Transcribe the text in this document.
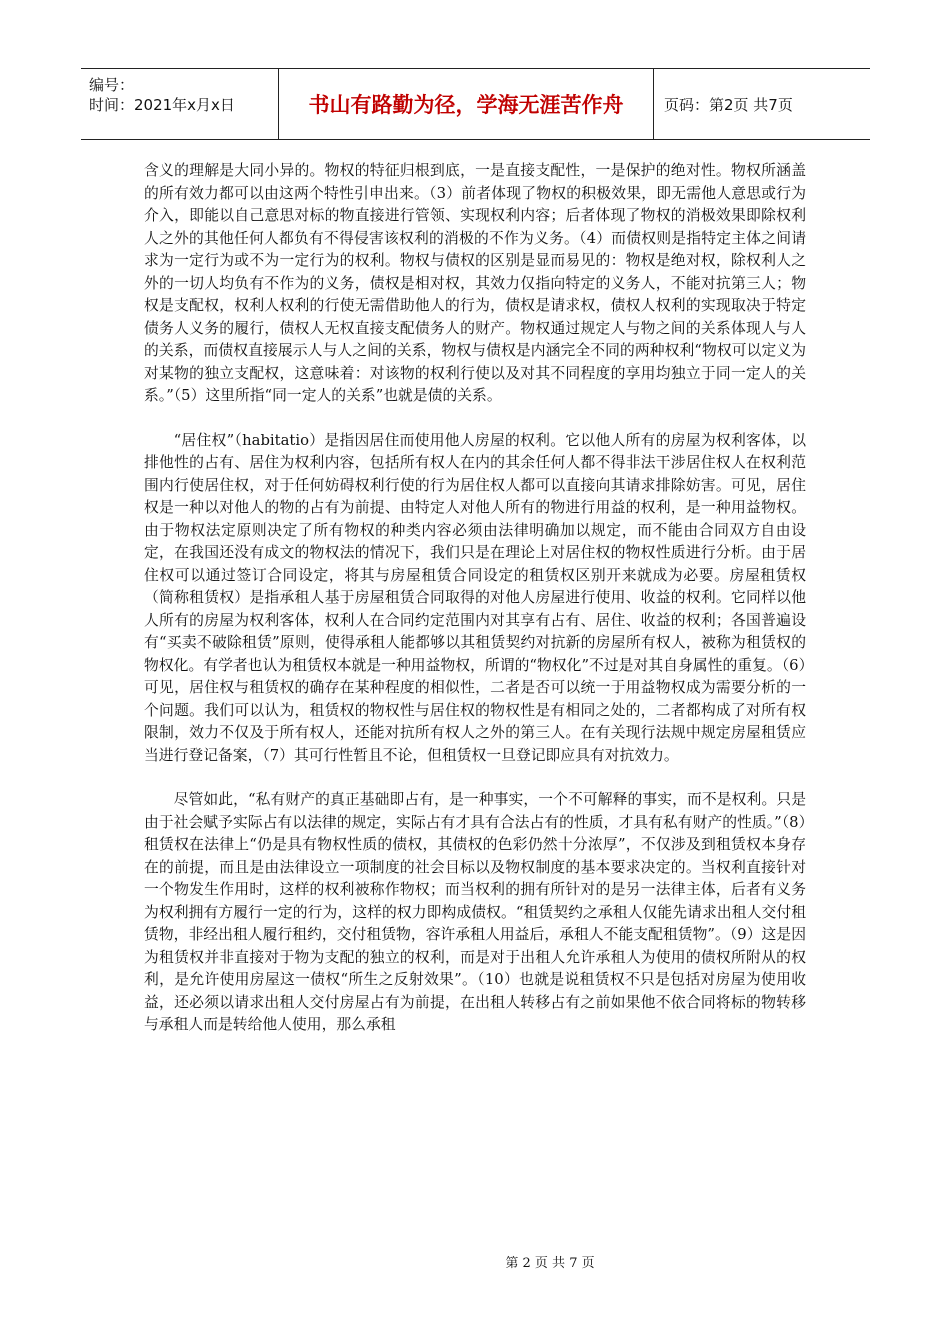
编号：
时间：2021年x月x日	书山有路勤为径，学海无涯苦作舟	页码：第2页 共7页

含义的理解是大同小异的。物权的特征归根到底，一是直接支配性，一是保护的绝对性。物权所涵盖的所有效力都可以由这两个特性引申出来。（3）前者体现了物权的积极效果，即无需他人意思或行为介入，即能以自己意思对标的物直接进行管领、实现权利内容；后者体现了物权的消极效果即除权利人之外的其他任何人都负有不得侵害该权利的消极的不作为义务。（4）而债权则是指特定主体之间请求为一定行为或不为一定行为的权利。物权与债权的区别是显而易见的：物权是绝对权，除权利人之外的一切人均负有不作为的义务，债权是相对权，其效力仅指向特定的义务人，不能对抗第三人；物权是支配权，权利人权利的行使无需借助他人的行为，债权是请求权，债权人权利的实现取决于特定债务人义务的履行，债权人无权直接支配债务人的财产。物权通过规定人与物之间的关系体现人与人的关系，而债权直接展示人与人之间的关系，物权与债权是内涵完全不同的两种权利“物权可以定义为对某物的独立支配权，这意味着：对该物的权利行使以及对其不同程度的享用均独立于同一定人的关系。”（5）这里所指“同一定人的关系”也就是债的关系。

“居住权”（habitatio）是指因居住而使用他人房屋的权利。它以他人所有的房屋为权利客体，以排他性的占有、居住为权利内容，包括所有权人在内的其余任何人都不得非法干涉居住权人在权利范围内行使居住权，对于任何妨碍权利行使的行为居住权人都可以直接向其请求排除妨害。可见，居住权是一种以对他人的物的占有为前提、由特定人对他人所有的物进行用益的权利，是一种用益物权。由于物权法定原则决定了所有物权的种类内容必须由法律明确加以规定，而不能由合同双方自由设定，在我国还没有成文的物权法的情况下，我们只是在理论上对居住权的物权性质进行分析。由于居住权可以通过签订合同设定，将其与房屋租赁合同设定的租赁权区别开来就成为必要。房屋租赁权（简称租赁权）是指承租人基于房屋租赁合同取得的对他人房屋进行使用、收益的权利。它同样以他人所有的房屋为权利客体，权利人在合同约定范围内对其享有占有、居住、收益的权利；各国普遍设有“买卖不破除租赁”原则，使得承租人能都够以其租赁契约对抗新的房屋所有权人，被称为租赁权的物权化。有学者也认为租赁权本就是一种用益物权，所谓的“物权化”不过是对其自身属性的重复。（6）可见，居住权与租赁权的确存在某种程度的相似性，二者是否可以统一于用益物权成为需要分析的一个问题。我们可以认为，租赁权的物权性与居住权的物权性是有相同之处的，二者都构成了对所有权限制，效力不仅及于所有权人，还能对抗所有权人之外的第三人。在有关现行法规中规定房屋租赁应当进行登记备案，（7）其可行性暂且不论，但租赁权一旦登记即应具有对抗效力。

尽管如此，“私有财产的真正基础即占有，是一种事实，一个不可解释的事实，而不是权利。只是由于社会赋予实际占有以法律的规定，实际占有才具有合法占有的性质，才具有私有财产的性质。”（8）租赁权在法律上“仍是具有物权性质的债权，其债权的色彩仍然十分浓厚”，不仅涉及到租赁权本身存在的前提，而且是由法律设立一项制度的社会目标以及物权制度的基本要求决定的。当权利直接针对一个物发生作用时，这样的权利被称作物权；而当权利的拥有所针对的是另一法律主体，后者有义务为权利拥有方履行一定的行为，这样的权力即构成债权。“租赁契约之承租人仅能先请求出租人交付租赁物，非经出租人履行租约，交付租赁物，容许承租人用益后，承租人不能支配租赁物”。（9）这是因为租赁权并非直接对于物为支配的独立的权利，而是对于出租人允许承租人为使用的债权所附从的权利，是允许使用房屋这一债权“所生之反射效果”。（10）也就是说租赁权不只是包括对房屋为使用收益，还必须以请求出租人交付房屋占有为前提，在出租人转移占有之前如果他不依合同将标的物转移与承租人而是转给他人使用，那么承租

第 2 页 共 7 页
